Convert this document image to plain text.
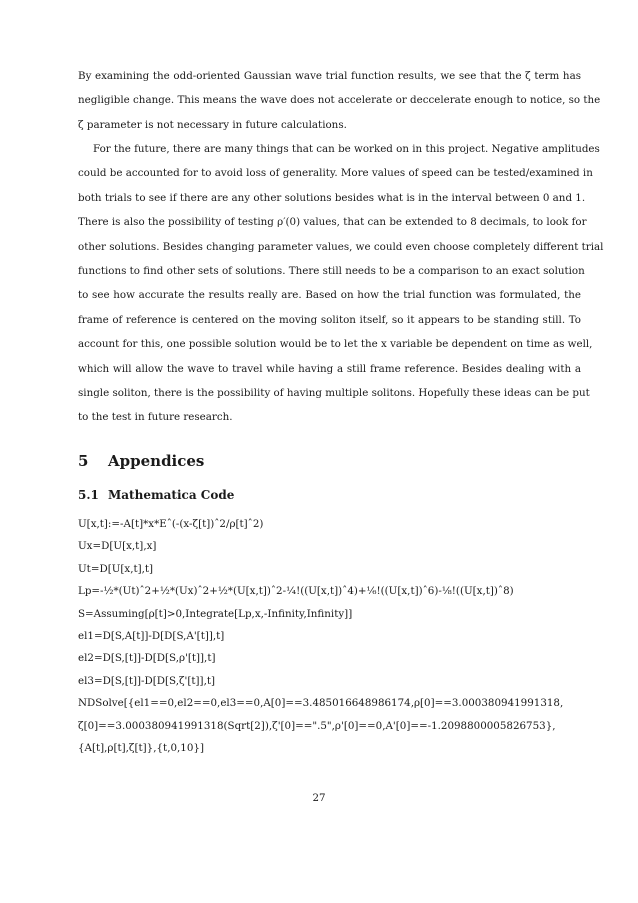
By examining the odd-oriented Gaussian wave trial function results, we see that the ζ term has
negligible change. This means the wave does not accelerate or deccelerate enough to notice, so the
ζ parameter is not necessary in future calculations.
For the future, there are many things that can be worked on in this project. Negative amplitudes
could be accounted for to avoid loss of generality. More values of speed can be tested/examined in
both trials to see if there are any other solutions besides what is in the interval between 0 and 1.
There is also the possibility of testing ρ′(0) values, that can be extended to 8 decimals, to look for
other solutions. Besides changing parameter values, we could even choose completely different trial
functions to find other sets of solutions. There still needs to be a comparison to an exact solution
to see how accurate the results really are. Based on how the trial function was formulated, the
frame of reference is centered on the moving soliton itself, so it appears to be standing still. To
account for this, one possible solution would be to let the x variable be dependent on time as well,
which will allow the wave to travel while having a still frame reference. Besides dealing with a
single soliton, there is the possibility of having multiple solitons. Hopefully these ideas can be put
to the test in future research.
5 Appendices
5.1 Mathematica Code
U[x,t]:=-A[t]*x*Eˆ(-(x-ζ[t])ˆ2/ρ[t]ˆ2)
Ux=D[U[x,t],x]
Ut=D[U[x,t],t]
Lp=-½*(Ut)ˆ2+½*(Ux)ˆ2+½*(U[x,t])ˆ2-¹⁄₄!((U[x,t])ˆ4)+¹⁄₆!((U[x,t])ˆ6)-¹⁄₈!((U[x,t])ˆ8)
S=Assuming[ρ[t]>0,Integrate[Lp,x,-Infinity,Infinity]]
el1=D[S,A[t]]-D[D[S,A'[t]],t]
el2=D[S,[t]]-D[D[S,ρ'[t]],t]
el3=D[S,[t]]-D[D[S,ζ'[t]],t]
NDSolve[{el1==0,el2==0,el3==0,A[0]==3.485016648986174,ρ[0]==3.000380941991318,
ζ[0]==3.000380941991318(Sqrt[2]),ζ'[0]==".5",ρ'[0]==0,A'[0]==-1.2098800005826753},
{A[t],ρ[t],ζ[t]},{t,0,10}]
27
